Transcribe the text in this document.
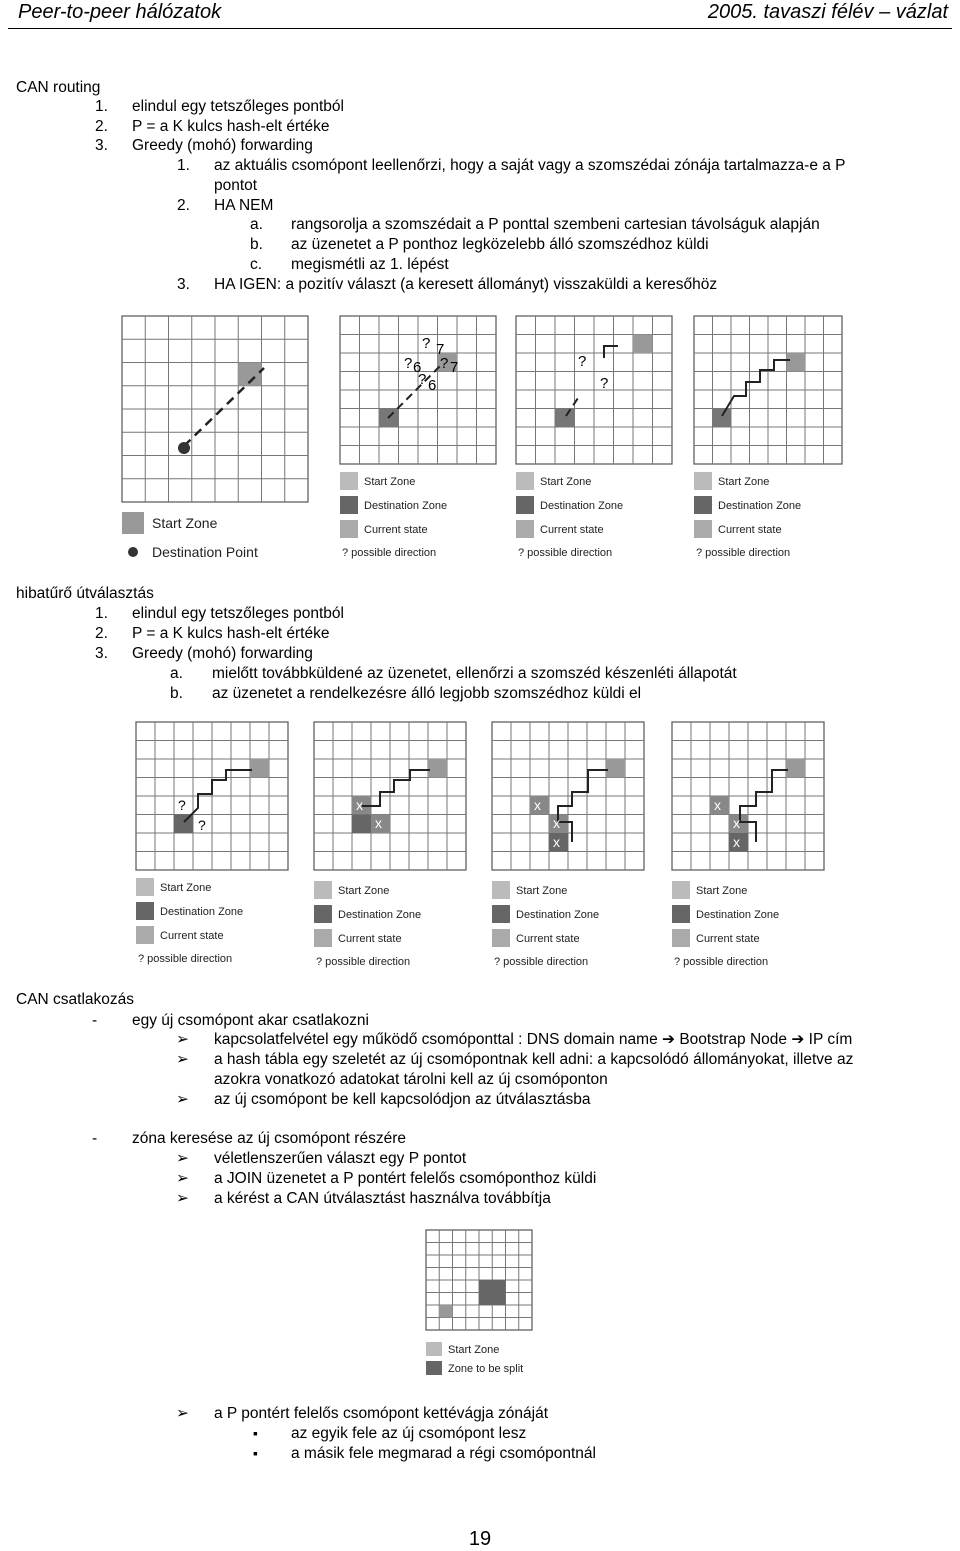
Peer-to-peer hálózatok	2005. tavaszi félév – vázlat
CAN routing
1. elindul egy tetszőleges pontból
2. P = a K kulcs hash-elt értéke
3. Greedy (mohó) forwarding
1. az aktuális csomópont leellenőrzi, hogy a saját vagy a szomszédai zónája tartalmazza-e a P
pontot
2. HA NEM
a. rangsorolja a szomszédait a P ponttal szembeni cartesian távolságuk alapján
b. az üzenetet a P ponthoz legközelebb álló szomszédhoz küldi
c. megismétli az 1. lépést
3. HA IGEN: a pozitív választ (a keresett állományt) visszaküldi a keresőhöz
Start Zone
Destination Point
? 7
? 6 ? 7
? 6
Start Zone
Destination Zone
Current state
? possible direction
?
?
Start Zone
Destination Zone
Current state
? possible direction
Start Zone
Destination Zone
Current state
? possible direction
hibatűrő útválasztás
1. elindul egy tetszőleges pontból
2. P = a K kulcs hash-elt értéke
3. Greedy (mohó) forwarding
a. mielőtt továbbküldené az üzenetet, ellenőrzi a szomszéd készenléti állapotát
b. az üzenetet a rendelkezésre álló legjobb szomszédhoz küldi el
?
?
x
x
x
x
x
x
x
x
Start Zone
Destination Zone
Current state
? possible direction
Start Zone
Destination Zone
Current state
? possible direction
Start Zone
Destination Zone
Current state
? possible direction
Start Zone
Destination Zone
Current state
? possible direction
CAN csatlakozás
- egy új csomópont akar csatlakozni
➢ kapcsolatfelvétel egy működő csomóponttal : DNS domain name ➔ Bootstrap Node ➔ IP cím
➢ a hash tábla egy szeletét az új csomópontnak kell adni: a kapcsolódó állományokat, illetve az
azokra vonatkozó adatokat tárolni kell az új csomóponton
➢ az új csomópont be kell kapcsolódjon az útválasztásba
- zóna keresése az új csomópont részére
➢ véletlenszerűen választ egy P pontot
➢ a JOIN üzenetet a P pontért felelős csomóponthoz küldi
➢ a kérést a CAN útválasztást használva továbbítja
Start Zone
Zone to be split
➢ a P pontért felelős csomópont kettévágja zónáját
▪ az egyik fele az új csomópont lesz
▪ a másik fele megmarad a régi csomópontnál
19
